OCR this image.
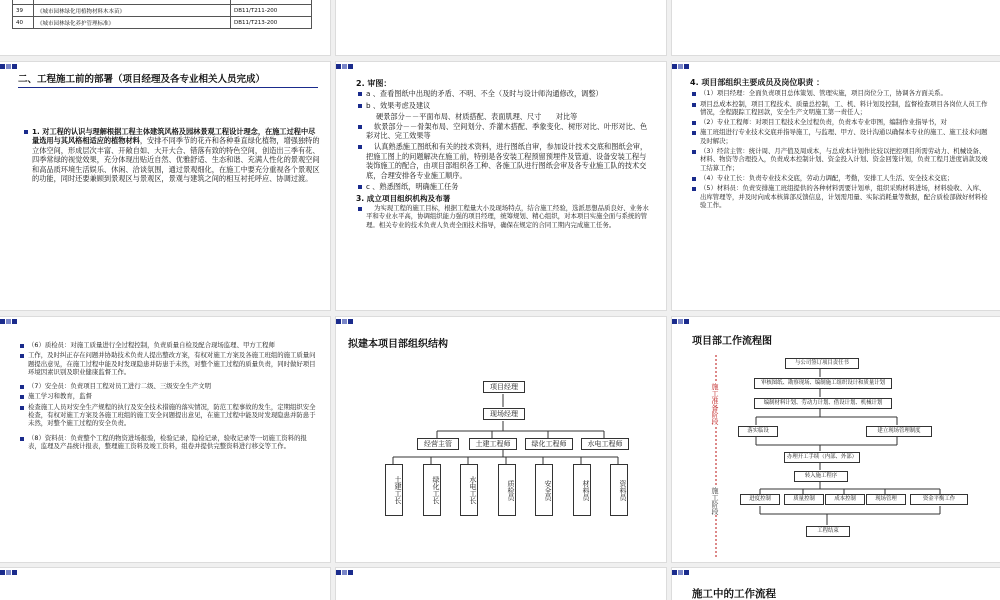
39	《城市园林绿化用植物材料木本苗》	DB11/T211-200
40	《城市园林绿化养护管理标准》	DB11/T213-200
二、工程施工前的部署（项目经理及各专业相关人员完成）
1. 对工程的认识与理解根据工程主体建筑风格及园林景观工程设计理念，在施工过程中尽量选用与其风格相适应的植物材料，安排不同季节的花卉和各种垂直绿化植物，增强独特的立体空间，形成层次丰富、开敞自如、大开大合、错落有致的特色空间，创造出三季有花、四季常绿的视觉效果，充分体现出贴近自然、优雅舒适、生态和谐、充满人性化的景观空间和高品质环境生活娱乐、休闲、洽谈氛围，通过景观细化，在施工中要充分重视各个景观区的功能，同时还要兼顾到景观区与景观区，景观与建筑之间的相互衬托呼应、协调过渡。
2. 审图：
a 、查看图纸中出现的矛盾、不明、不全（及时与设计师沟通修改，调整）
b 、效果考虑及建议
硬景部分－－平面布局、材质搭配、表面肌理、尺寸　　对比等
软景部分－－骨架布局、空间划分、乔灌木搭配、季象变化、树形对比、叶形对比、色彩对比、完工效果等
认真熟悉施工图纸和有关的技术资料，进行图纸自审，参加设计技术交底和图纸会审，把施工图上的问题解决在施工前，特别是各安装工程预留预埋件及管道、设备安装工程与装饰施工的配合，由项目部组织各工种、各施工队进行图纸会审及各专业施工队的技术交底，合理安排各专业施工顺序。
c 、熟悉图纸，明确施工任务
3. 成立项目组织机构及布署
为实现工程的施工目标，根据工程量大小及现场特点，结合施工经验，选派思想品质良好、业务水平和专业水平高，协调组织能力强的项目经理，统筹规划、精心组织，对本项目实施全面与系统的管理。相关专业的技术负责人负责全面技术指导，确保在规定的合同工期内完成施工任务。
4. 项目部组织主要成员及岗位职责 ：
（1）项目经理：全面负责项目总体策划、管理实施，项目岗位分工，协调各方面关系。
项目总成本控制，项目工程技术、质量总控制，工、机、料计划及控制，监督检查项目各岗位人员工作情况，全程跟踪工程回款，安全生产文明施工第一责任人；
（2）专业工程师：对项目工程技术全过程负责，负责本专业审图，编制作业指导书，对
施工班组进行专业技术交底并指导施工，与监理、甲方、设计沟通以确保本专业的施工、施工技术问题及时解决；
（3）经营主管：统计周、月产值及周成本，与总成本计划作比较以把控项目所需劳动力、机械设备、材料、物资等合理投入，负责成本控制计划、资金投入计划、资金回笼计划，负责工程月进度请款及竣工结算工作；
（4）专业工长：负责专业技术交底，劳动力调配，考勤，安排工人生活、安全技术交底；
（5）材料员：负责安排施工班组提供的各种材料需要计划单，组织采购材料进场，材料验收、入库、出库管理等，并及时向成本核算部反馈信息，计划需用量、实际消耗量等数据，配合质检部做好材料检验工作。
（6）质检员：对施工质量进行全过程控制，负责质量自检及配合现场监理、甲方工程师
工作，及时纠正存在问题并协助技术负责人提出整改方案，有权对施工方案及各施工班组的施工质量问题提出意见，在施工过程中能及时发现隐患并防患于未然，对整个施工过程的质量负责，同时做好项目环境因素识别及职业健康监督工作。
（7）安全员：负责项目工程对员工进行二级、三级安全生产文明
施工学习和教育，监督
检查施工人员对安全生产规程的执行及安全技术措施的落实情况，防范工程事故的发生，定期组织安全检查，有权对施工方案及各施工班组的施工安全问题提出意见，在施工过程中能及时发现隐患并防患于未然，对整个施工过程的安全负责。
（8）资料员：负责整个工程的物资进场报验，检验记录，隐检记录，验收记录等一切施工资料的报表，监理及产品统计报表，整理施工资料及竣工资料，组卷并提供完整资料进行移交等工作。
拟建本项目部组织结构
项目经理
现场经理
经营主管	土建工程师	绿化工程师	水电工程师
土建工长	绿化工长	水电工长	质检员	安全员	材料员	资料员
项目部工作流程图
施工准备阶段
施工阶段
与公司签订项目责任书
审核图纸、勘察现场、编制施工组织设计和质量计划
编制材料计划、劳动力计划、借设计划、机械计划
落实临设	建立现场管理制度
办理开工手续（内部、外部）
转入施工程序
进度控制	质量控制	成本控制	现场管理	资金平衡工作
工程结束
施工中的工作流程
